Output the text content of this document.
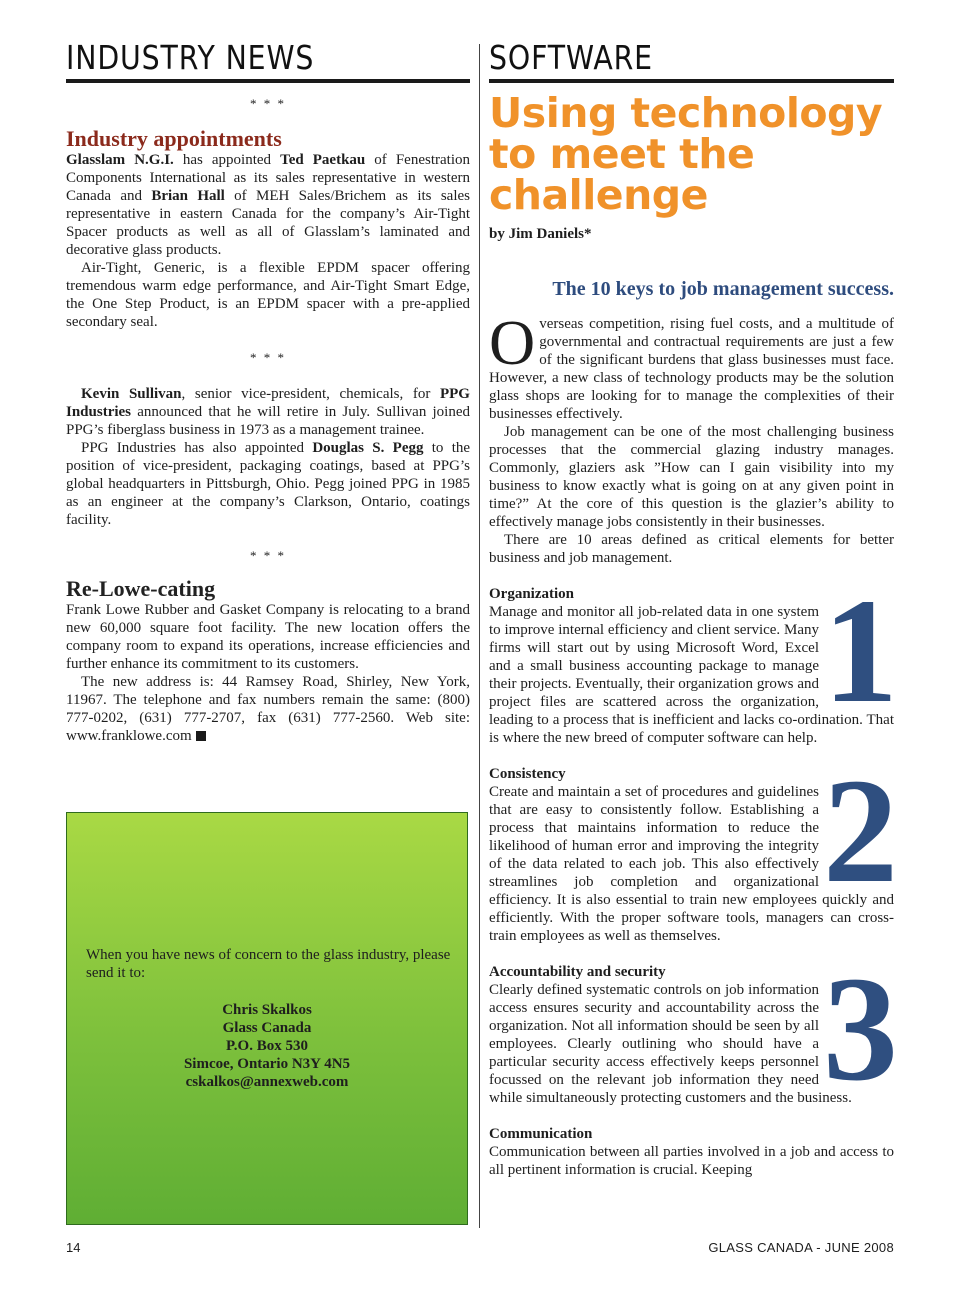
INDUSTRY NEWS
* * *
Industry appointments

Glasslam N.G.I. has appointed Ted Paetkau of Fenestration Components International as its sales representative in western Canada and Brian Hall of MEH Sales/Brichem as its sales representative in eastern Canada for the company’s Air-Tight Spacer products as well as all of Glasslam’s laminated and decorative glass products.

Air-Tight, Generic, is a flexible EPDM spacer offering tremendous warm edge performance, and Air-Tight Smart Edge, the One Step Product, is an EPDM spacer with a pre-applied secondary seal.

* * *

Kevin Sullivan, senior vice-president, chemicals, for PPG Industries announced that he will retire in July. Sullivan joined PPG’s fiberglass business in 1973 as a management trainee.

PPG Industries has also appointed Douglas S. Pegg to the position of vice-president, packaging coatings, based at PPG’s global headquarters in Pittsburgh, Ohio. Pegg joined PPG in 1985 as an engineer at the company’s Clarkson, Ontario, coatings facility.

* * *
Re-Lowe-cating

Frank Lowe Rubber and Gasket Company is relocating to a brand new 60,000 square foot facility. The new location offers the company room to expand its operations, increase efficiencies and further enhance its commitment to its customers.

The new address is: 44 Ramsey Road, Shirley, New York, 11967. The telephone and fax numbers remain the same: (800) 777-0202, (631) 777-2707, fax (631) 777-2560. Web site: www.franklowe.com

When you have news of concern to the glass industry, please send it to:
Chris Skalkos
Glass Canada
P.O. Box 530
Simcoe, Ontario N3Y 4N5
cskalkos@annexweb.com
SOFTWARE
Using technology
to meet the
challenge
by Jim Daniels*
The 10 keys to job management success.

Overseas competition, rising fuel costs, and a multitude of governmental and contractual requirements are just a few of the significant burdens that glass businesses must face. However, a new class of technology products may be the solution glass shops are looking for to manage the complexities of their businesses effectively.

Job management can be one of the most challenging business processes that the commercial glazing industry manages. Commonly, glaziers ask ”How can I gain visibility into my business to know exactly what is going on at any given point in time?” At the core of this question is the glazier’s ability to effectively manage jobs consistently in their businesses.

There are 10 areas defined as critical elements for better business and job management.

Organization	1
Manage and monitor all job-related data in one system to improve internal efficiency and client service. Many firms will start out by using Microsoft Word, Excel and a small business accounting package to manage their projects. Eventually, their organization grows and project files are scattered across the organization, leading to a process that is inefficient and lacks co-ordination. That is where the new breed of computer software can help.

Consistency	2
Create and maintain a set of procedures and guidelines that are easy to consistently follow. Establishing a process that maintains information to reduce the likelihood of human error and improving the integrity of the data related to each job. This also effectively streamlines job completion and organizational efficiency. It is also essential to train new employees quickly and efficiently. With the proper software tools, managers can cross-train employees as well as themselves.

Accountability and security	3
Clearly defined systematic controls on job information access ensures security and accountability across the organization. Not all information should be seen by all employees. Clearly outlining who should have a particular security access effectively keeps personnel focussed on the relevant job information they need while simultaneously protecting customers and the business.

Communication

Communication between all parties involved in a job and access to all pertinent information is crucial. Keeping

14	GLASS CANADA - JUNE 2008
